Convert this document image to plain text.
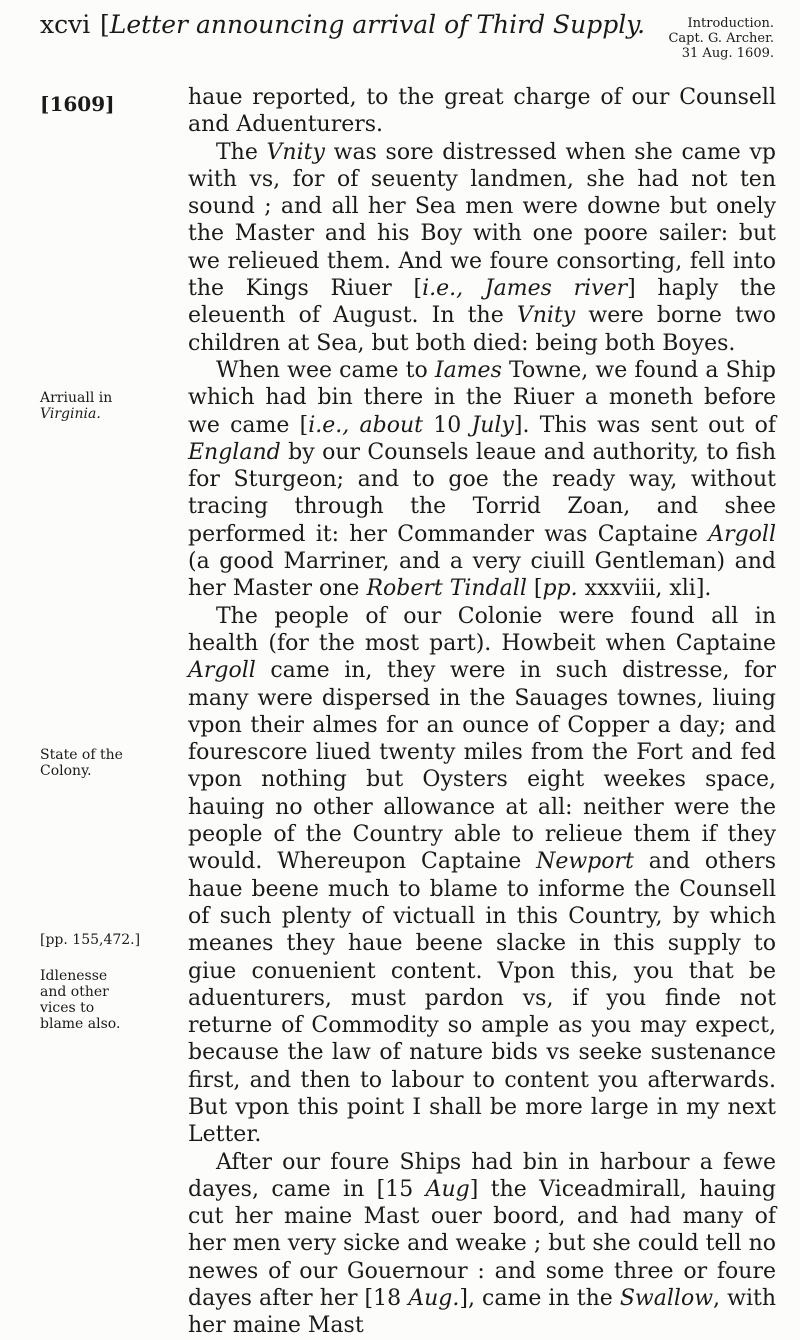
xcvi [Letter announcing arrival of Third Supply.	Introduction.
Capt. G. Archer.
31 Aug. 1609.
[1609]
Arriuall in
Virginia.
State of the
Colony.
[pp. 155,472.]
Idlenesse
and other
vices to
blame also.

haue reported, to the great charge of our Counsell and Aduenturers.

The Vnity was sore distressed when she came vp with vs, for of seuenty landmen, she had not ten sound ; and all her Sea men were downe but onely the Master and his Boy with one poore sailer: but we relieued them. And we foure consorting, fell into the Kings Riuer [i.e., James river] haply the eleuenth of August. In the Vnity were borne two children at Sea, but both died: being both Boyes.

When wee came to Iames Towne, we found a Ship which had bin there in the Riuer a moneth before we came [i.e., about 10 July]. This was sent out of England by our Counsels leaue and authority, to fish for Sturgeon; and to goe the ready way, without tracing through the Torrid Zoan, and shee performed it: her Commander was Captaine Argoll (a good Marriner, and a very ciuill Gentleman) and her Master one Robert Tindall [pp. xxxviii, xli].

The people of our Colonie were found all in health (for the most part). Howbeit when Captaine Argoll came in, they were in such distresse, for many were dispersed in the Sauages townes, liuing vpon their almes for an ounce of Copper a day; and fourescore liued twenty miles from the Fort and fed vpon nothing but Oysters eight weekes space, hauing no other allowance at all: neither were the people of the Country able to relieue them if they would. Whereupon Captaine Newport and others haue beene much to blame to informe the Counsell of such plenty of victuall in this Country, by which meanes they haue beene slacke in this supply to giue conuenient content. Vpon this, you that be aduenturers, must pardon vs, if you finde not returne of Commodity so ample as you may expect, because the law of nature bids vs seeke sustenance first, and then to labour to content you afterwards. But vpon this point I shall be more large in my next Letter.

After our foure Ships had bin in harbour a fewe dayes, came in [15 Aug] the Viceadmirall, hauing cut her maine Mast ouer boord, and had many of her men very sicke and weake ; but she could tell no newes of our Gouernour : and some three or foure dayes after her [18 Aug.], came in the Swallow, with her maine Mast
